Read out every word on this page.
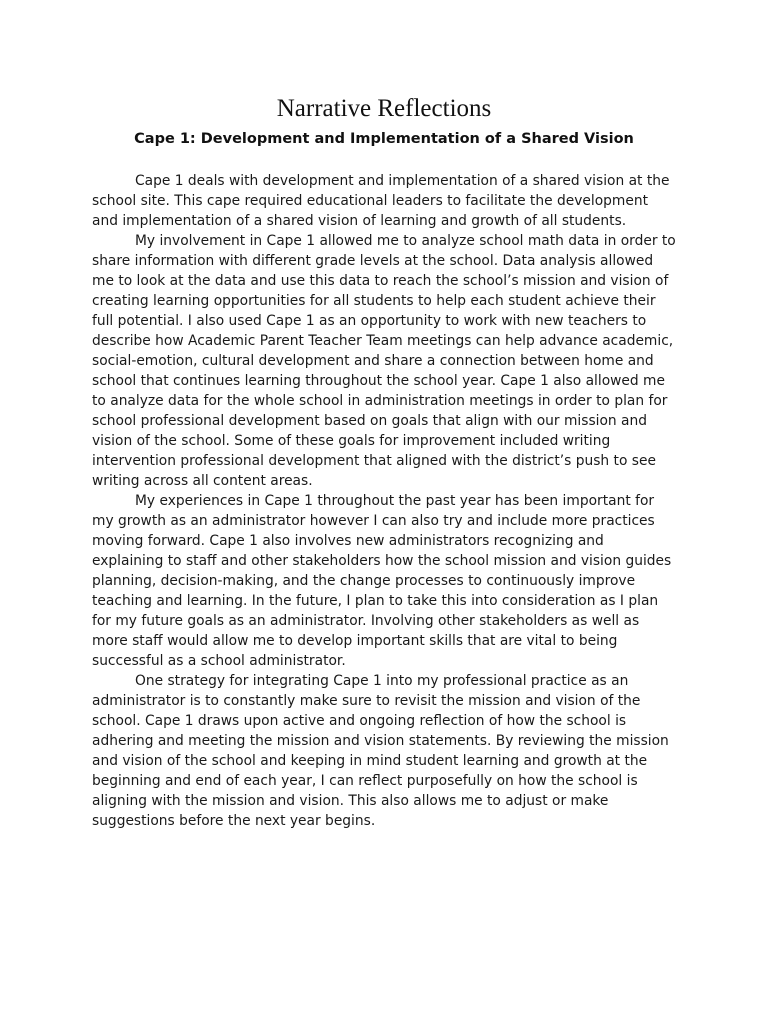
Narrative Reflections
Cape 1: Development and Implementation of a Shared Vision

Cape 1 deals with development and implementation of a shared vision at the school site. This cape required educational leaders to facilitate the development and implementation of a shared vision of learning and growth of all students.

My involvement in Cape 1 allowed me to analyze school math data in order to share information with different grade levels at the school. Data analysis allowed me to look at the data and use this data to reach the school’s mission and vision of creating learning opportunities for all students to help each student achieve their full potential. I also used Cape 1 as an opportunity to work with new teachers to describe how Academic Parent Teacher Team meetings can help advance academic, social-emotion, cultural development and share a connection between home and school that continues learning throughout the school year. Cape 1 also allowed me to analyze data for the whole school in administration meetings in order to plan for school professional development based on goals that align with our mission and vision of the school. Some of these goals for improvement included writing intervention professional development that aligned with the district’s push to see writing across all content areas.

My experiences in Cape 1 throughout the past year has been important for my growth as an administrator however I can also try and include more practices moving forward. Cape 1 also involves new administrators recognizing and explaining to staff and other stakeholders how the school mission and vision guides planning, decision-making, and the change processes to continuously improve teaching and learning. In the future, I plan to take this into consideration as I plan for my future goals as an administrator. Involving other stakeholders as well as more staff would allow me to develop important skills that are vital to being successful as a school administrator.

One strategy for integrating Cape 1 into my professional practice as an administrator is to constantly make sure to revisit the mission and vision of the school. Cape 1 draws upon active and ongoing reflection of how the school is adhering and meeting the mission and vision statements. By reviewing the mission and vision of the school and keeping in mind student learning and growth at the beginning and end of each year, I can reflect purposefully on how the school is aligning with the mission and vision. This also allows me to adjust or make suggestions before the next year begins.
